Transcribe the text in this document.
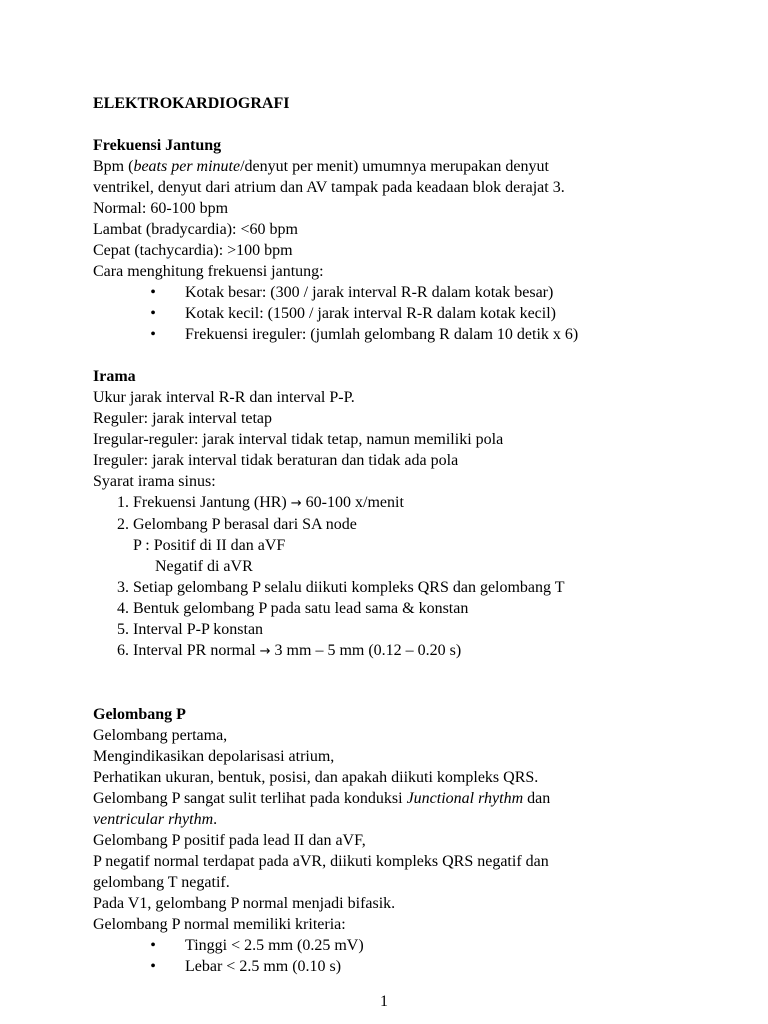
ELEKTROKARDIOGRAFI
Frekuensi Jantung
Bpm (beats per minute/denyut per menit) umumnya merupakan denyut
ventrikel, denyut dari atrium dan AV tampak pada keadaan blok derajat 3.
Normal: 60-100 bpm
Lambat (bradycardia): <60 bpm
Cepat (tachycardia): >100 bpm
Cara menghitung frekuensi jantung:
•	Kotak besar: (300 / jarak interval R-R dalam kotak besar)
•	Kotak kecil: (1500 / jarak interval R-R dalam kotak kecil)
•	Frekuensi ireguler: (jumlah gelombang R dalam 10 detik x 6)
Irama
Ukur jarak interval R-R dan interval P-P.
Reguler: jarak interval tetap
Iregular-reguler: jarak interval tidak tetap, namun memiliki pola
Ireguler: jarak interval tidak beraturan dan tidak ada pola
Syarat irama sinus:
1. Frekuensi Jantung (HR) → 60-100 x/menit
2. Gelombang P berasal dari SA node
P : Positif di II dan aVF
Negatif di aVR
3. Setiap gelombang P selalu diikuti kompleks QRS dan gelombang T
4. Bentuk gelombang P pada satu lead sama & konstan
5. Interval P-P konstan
6. Interval PR normal → 3 mm – 5 mm (0.12 – 0.20 s)
Gelombang P
Gelombang pertama,
Mengindikasikan depolarisasi atrium,
Perhatikan ukuran, bentuk, posisi, dan apakah diikuti kompleks QRS.
Gelombang P sangat sulit terlihat pada konduksi Junctional rhythm dan
ventricular rhythm.
Gelombang P positif pada lead II dan aVF,
P negatif normal terdapat pada aVR, diikuti kompleks QRS negatif dan
gelombang T negatif.
Pada V1, gelombang P normal menjadi bifasik.
Gelombang P normal memiliki kriteria:
•	Tinggi < 2.5 mm (0.25 mV)
•	Lebar < 2.5 mm (0.10 s)
1
